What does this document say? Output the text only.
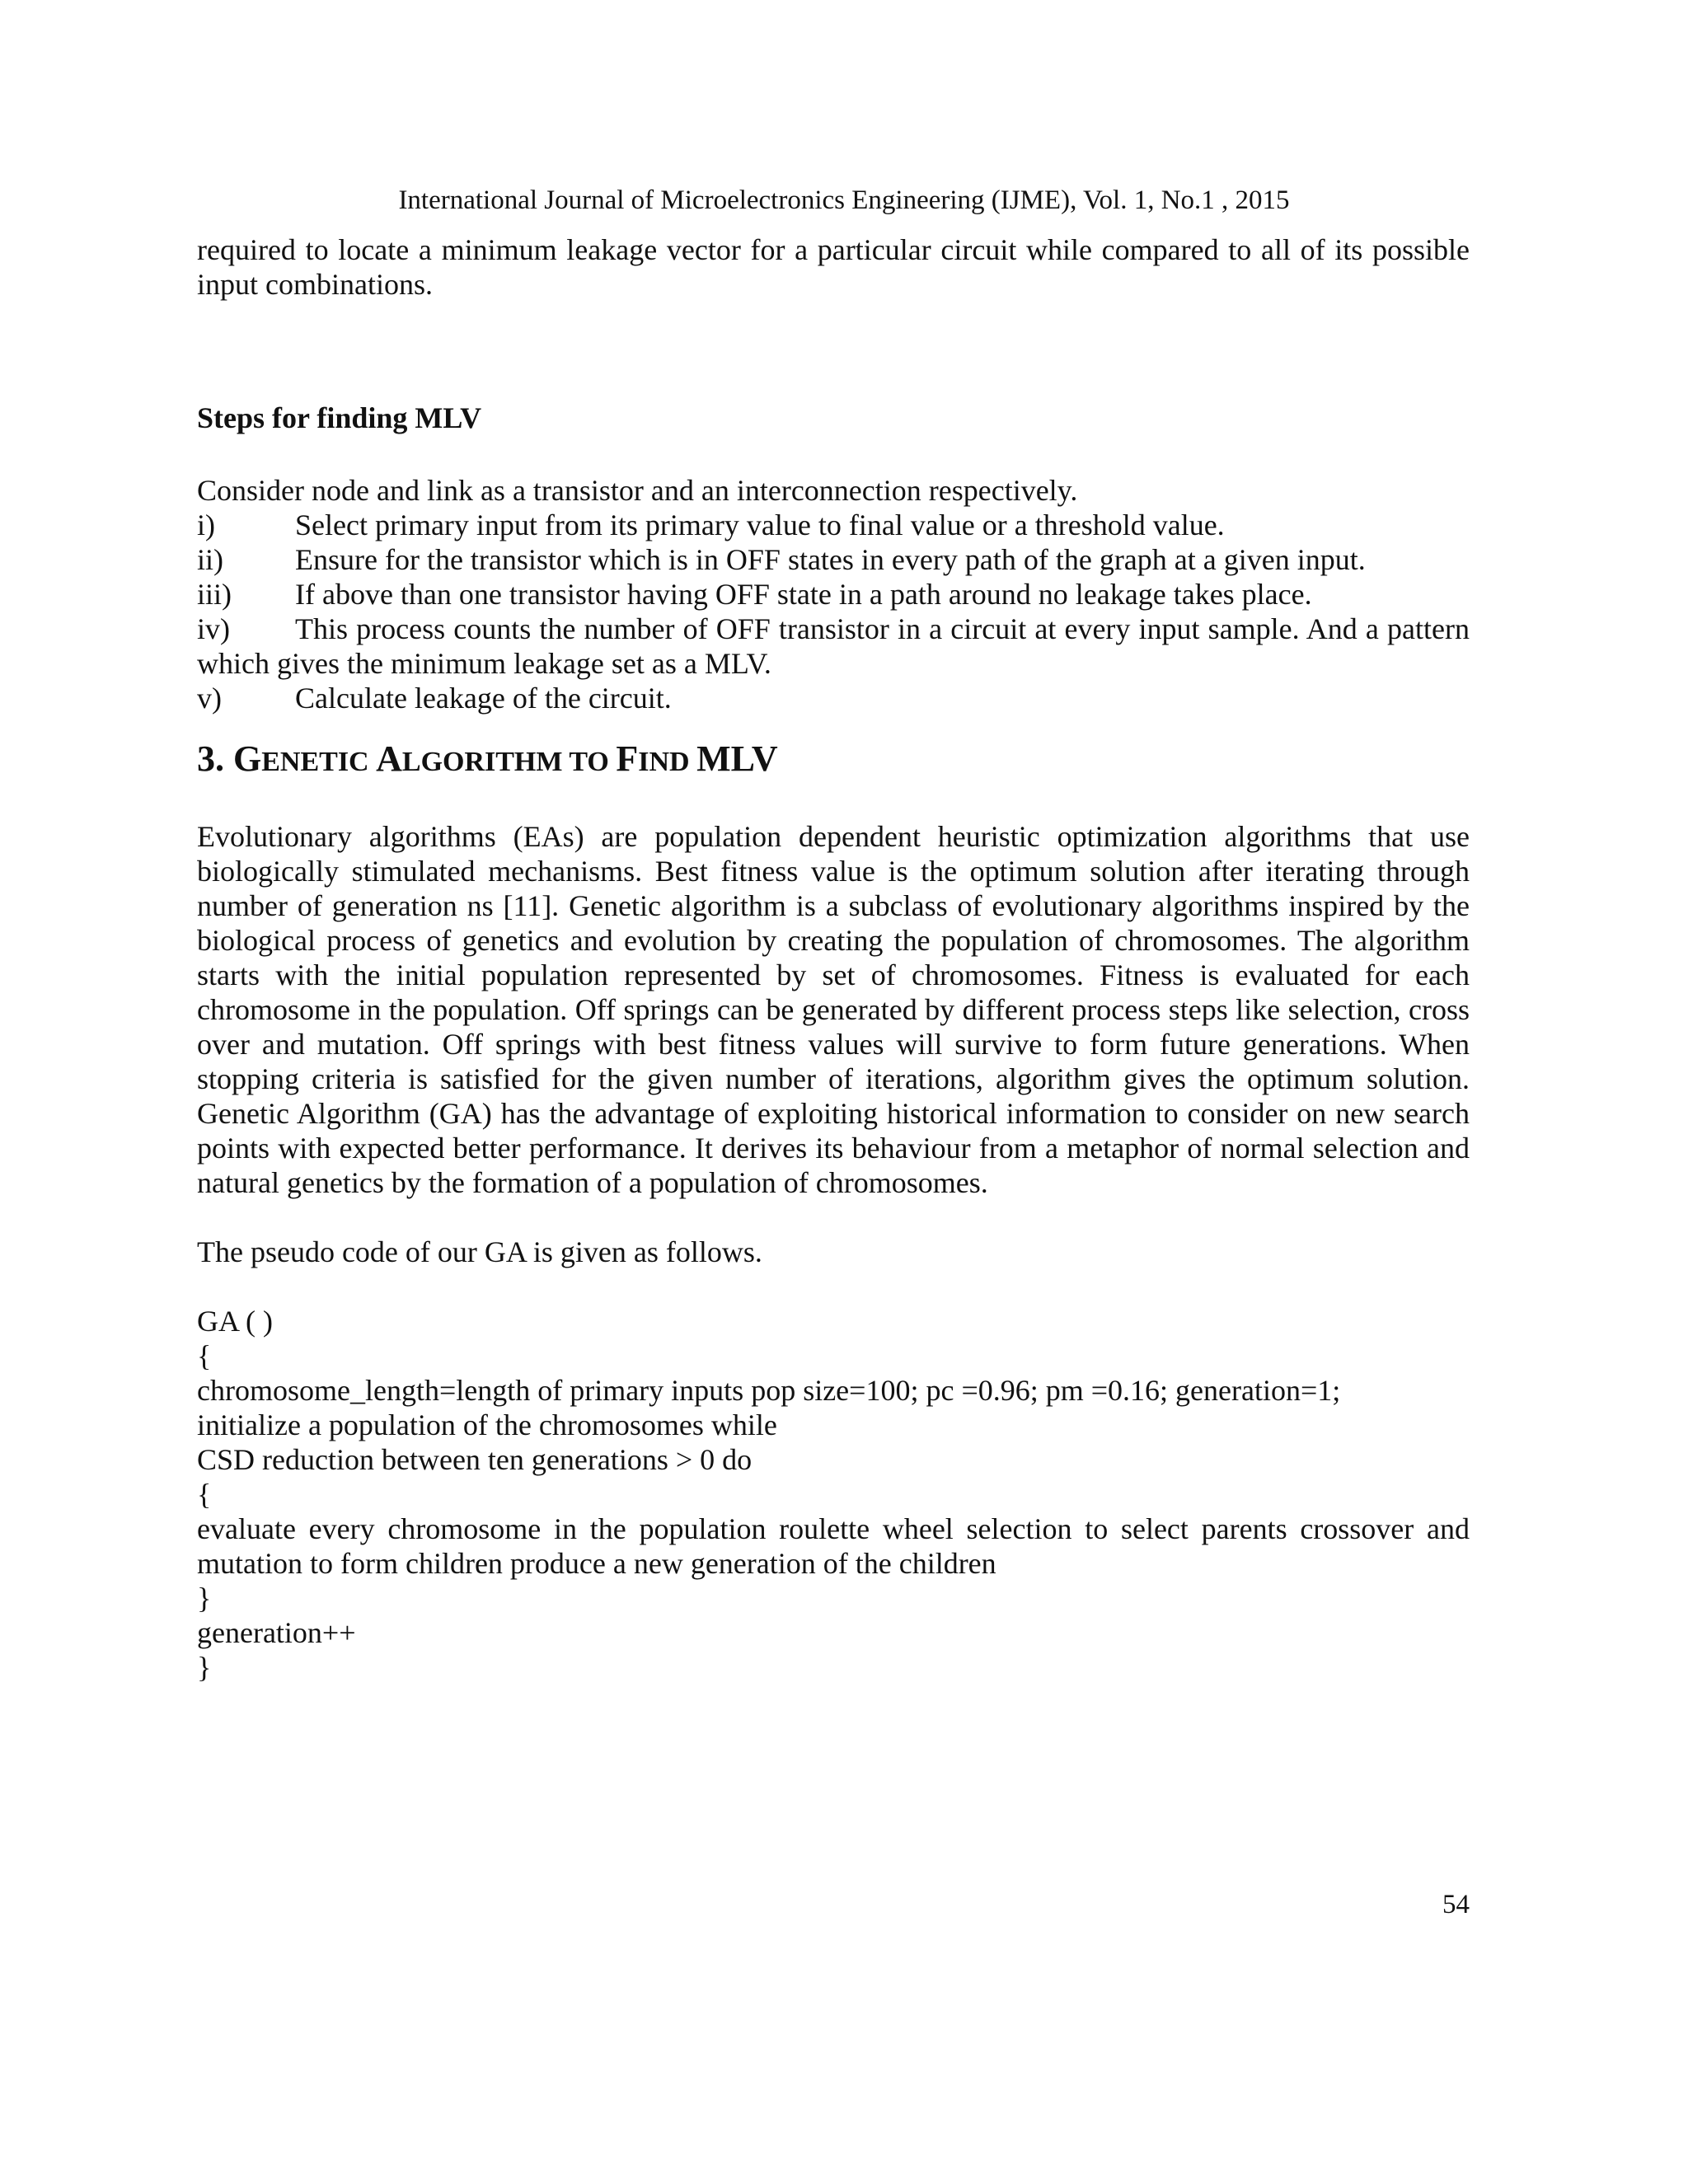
International Journal of Microelectronics Engineering (IJME), Vol. 1, No.1 , 2015

required to locate a minimum leakage vector for a particular circuit while compared to all of its possible input combinations.

Steps for finding MLV

Consider node and link as a transistor and an interconnection respectively.

i)	Select primary input from its primary value to final value or a threshold value.
ii)	Ensure for the transistor which is in OFF states in every path of the graph at a given input.
iii)	If above than one transistor having OFF state in a path around no leakage takes place.

iv) This process counts the number of OFF transistor in a circuit at every input sample. And a pattern which gives the minimum leakage set as a MLV.

v)	Calculate leakage of the circuit.

3. GENETIC ALGORITHM TO FIND MLV

Evolutionary algorithms (EAs) are population dependent heuristic optimization algorithms that use biologically stimulated mechanisms. Best fitness value is the optimum solution after iterating through number of generation ns [11]. Genetic algorithm is a subclass of evolutionary algorithms inspired by the biological process of genetics and evolution by creating the population of chromosomes. The algorithm starts with the initial population represented by set of chromosomes. Fitness is evaluated for each chromosome in the population. Off springs can be generated by different process steps like selection, cross over and mutation. Off springs with best fitness values will survive to form future generations. When stopping criteria is satisfied for the given number of iterations, algorithm gives the optimum solution. Genetic Algorithm (GA) has the advantage of exploiting historical information to consider on new search points with expected better performance. It derives its behaviour from a metaphor of normal selection and natural genetics by the formation of a population of chromosomes.

The pseudo code of our GA is given as follows.

GA ( )

{

chromosome_length=length of primary inputs pop size=100; pc =0.96; pm =0.16; generation=1;

initialize a population of the chromosomes while

CSD reduction between ten generations > 0 do

{

evaluate every chromosome in the population roulette wheel selection to select parents crossover and mutation to form children produce a new generation of the children

}

generation++

}

54
